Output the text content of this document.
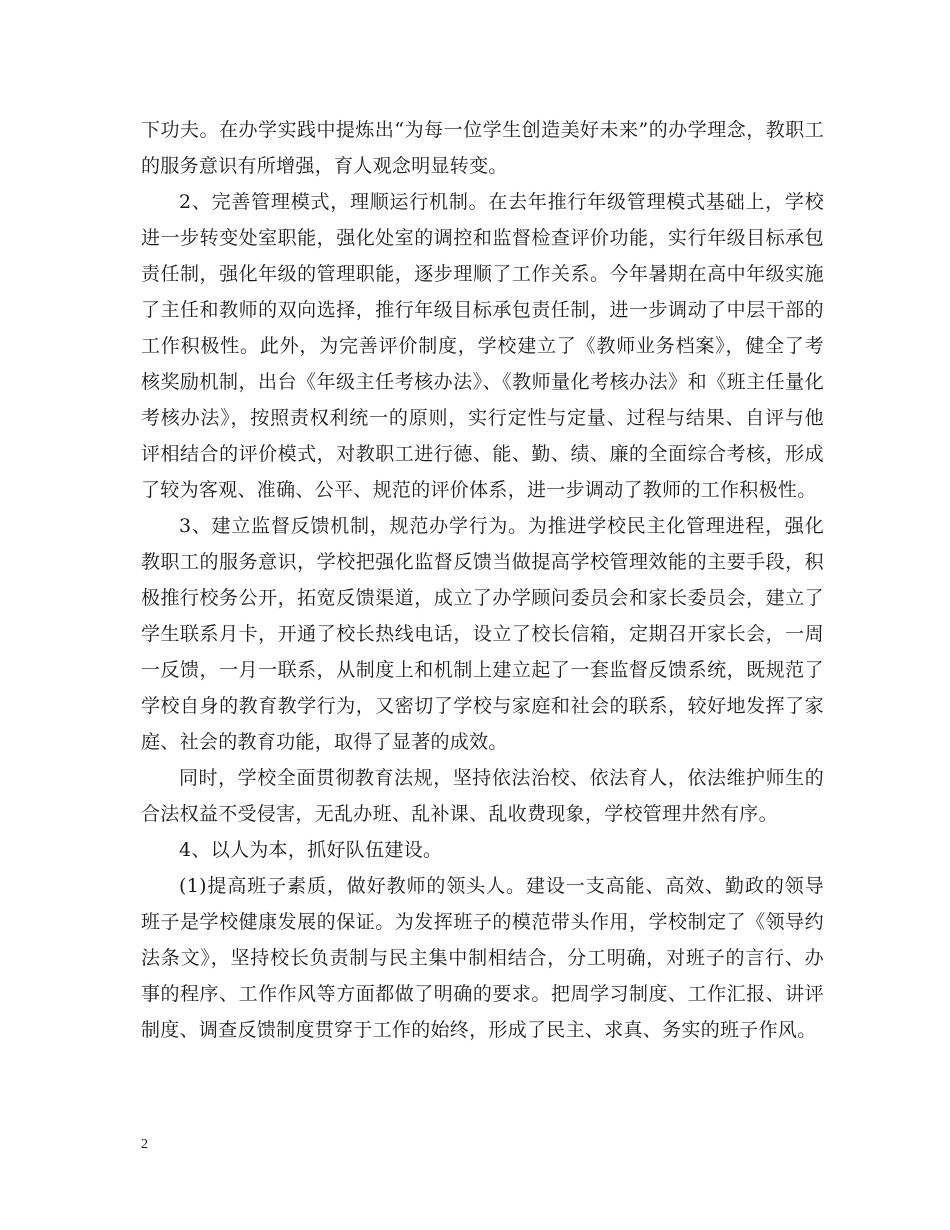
下功夫。在办学实践中提炼出“为每一位学生创造美好未来”的办学理念，教职工的服务意识有所增强，育人观念明显转变。

2、完善管理模式，理顺运行机制。在去年推行年级管理模式基础上，学校进一步转变处室职能，强化处室的调控和监督检查评价功能，实行年级目标承包责任制，强化年级的管理职能，逐步理顺了工作关系。今年暑期在高中年级实施了主任和教师的双向选择，推行年级目标承包责任制，进一步调动了中层干部的工作积极性。此外，为完善评价制度，学校建立了《教师业务档案》，健全了考核奖励机制，出台《年级主任考核办法》、《教师量化考核办法》和《班主任量化考核办法》，按照责权利统一的原则，实行定性与定量、过程与结果、自评与他评相结合的评价模式，对教职工进行德、能、勤、绩、廉的全面综合考核，形成了较为客观、准确、公平、规范的评价体系，进一步调动了教师的工作积极性。

3、建立监督反馈机制，规范办学行为。为推进学校民主化管理进程，强化教职工的服务意识，学校把强化监督反馈当做提高学校管理效能的主要手段，积极推行校务公开，拓宽反馈渠道，成立了办学顾问委员会和家长委员会，建立了学生联系月卡，开通了校长热线电话，设立了校长信箱，定期召开家长会，一周一反馈，一月一联系，从制度上和机制上建立起了一套监督反馈系统，既规范了学校自身的教育教学行为，又密切了学校与家庭和社会的联系，较好地发挥了家庭、社会的教育功能，取得了显著的成效。

同时，学校全面贯彻教育法规，坚持依法治校、依法育人，依法维护师生的合法权益不受侵害，无乱办班、乱补课、乱收费现象，学校管理井然有序。

4、以人为本，抓好队伍建设。

(1)提高班子素质，做好教师的领头人。建设一支高能、高效、勤政的领导班子是学校健康发展的保证。为发挥班子的模范带头作用，学校制定了《领导约法条文》，坚持校长负责制与民主集中制相结合，分工明确，对班子的言行、办事的程序、工作作风等方面都做了明确的要求。把周学习制度、工作汇报、讲评制度、调查反馈制度贯穿于工作的始终，形成了民主、求真、务实的班子作风。

2
